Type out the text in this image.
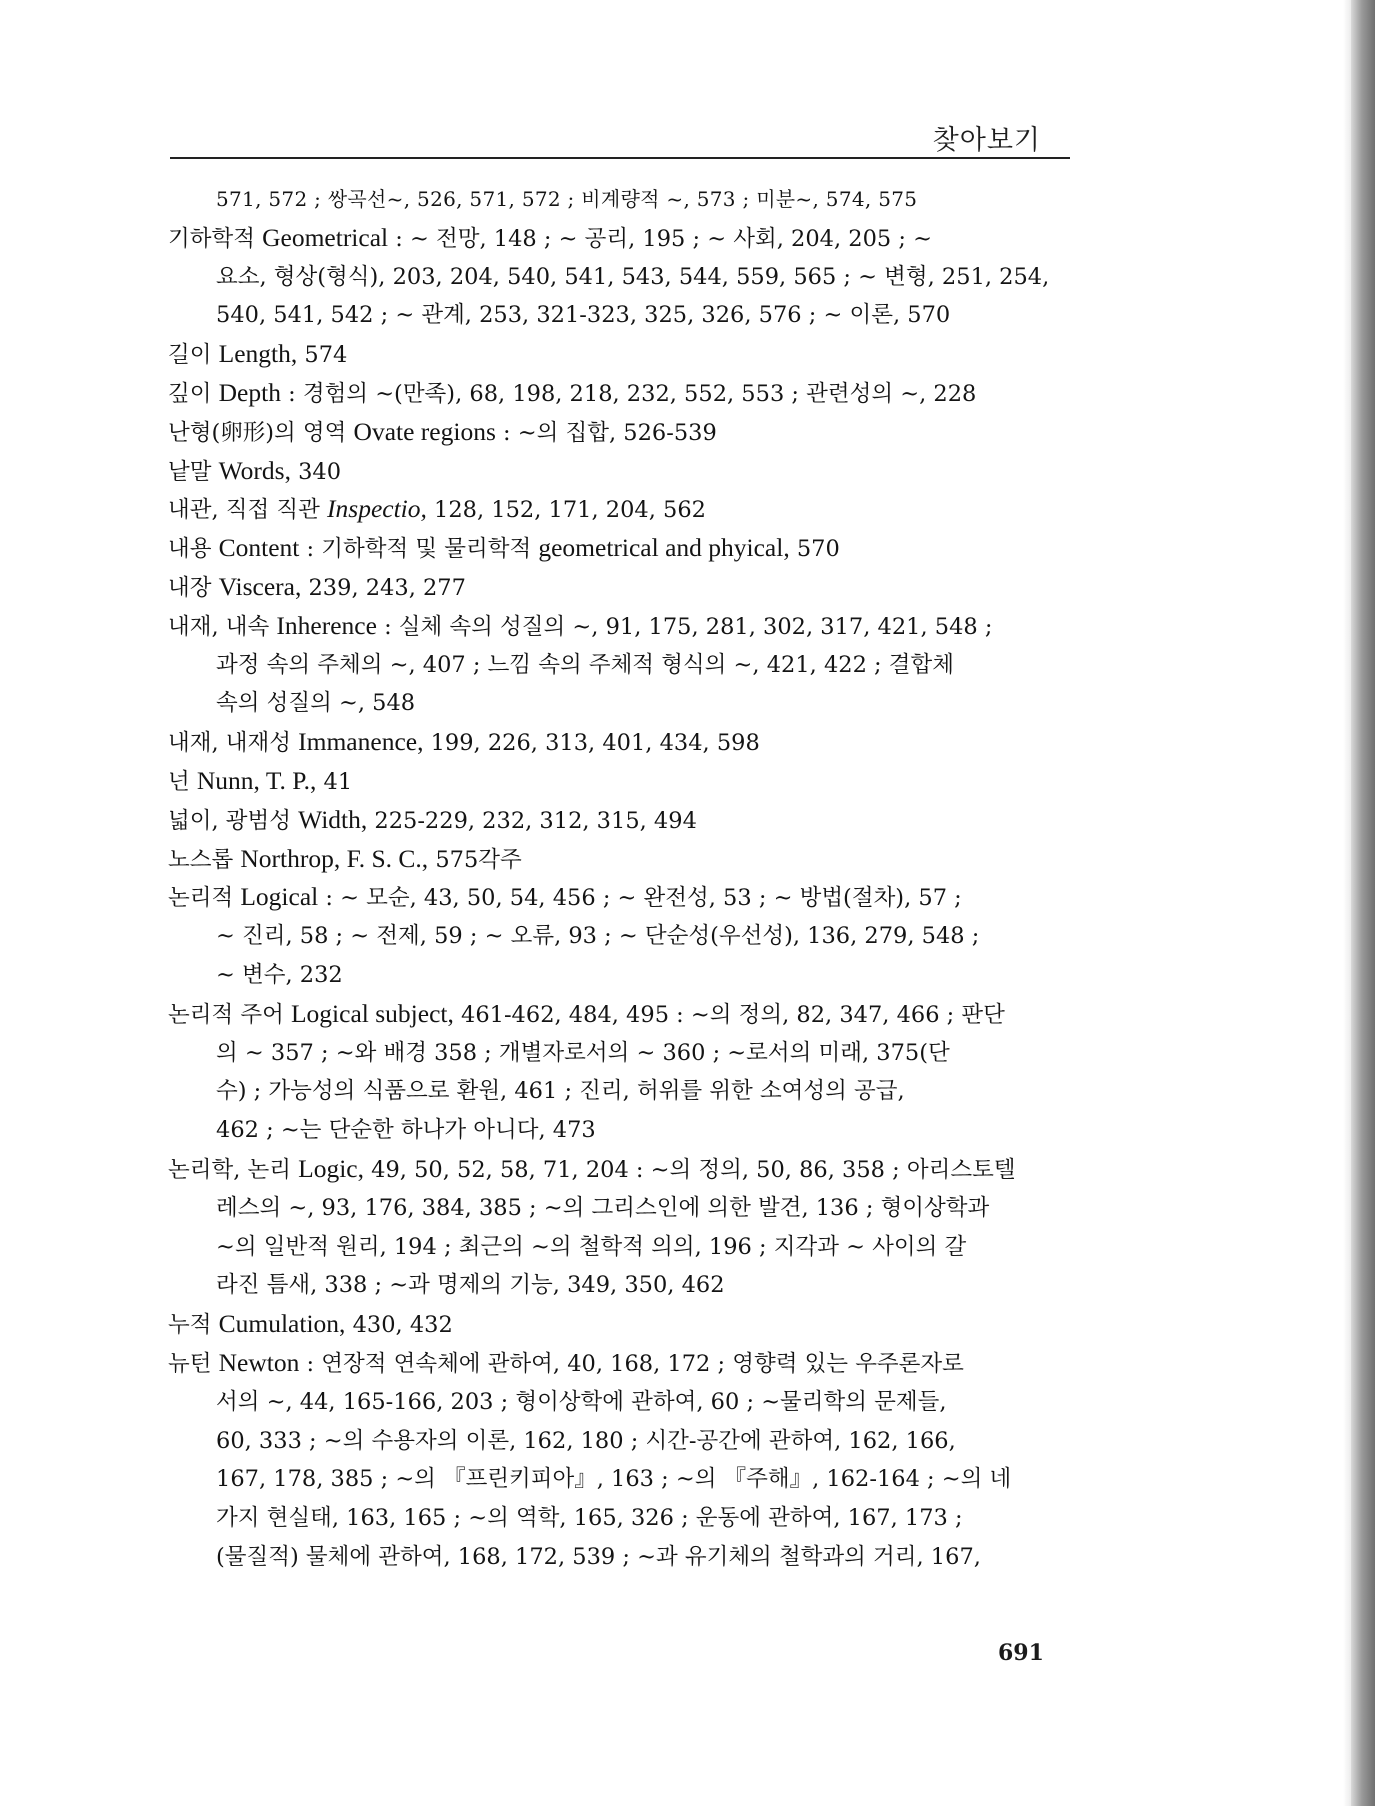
찾아보기
571, 572 ; 쌍곡선~, 526, 571, 572 ; 비계량적 ~, 573 ; 미분~, 574, 575
기하학적 Geometrical : ~ 전망, 148 ; ~ 공리, 195 ; ~ 사회, 204, 205 ; ~
요소, 형상(형식), 203, 204, 540, 541, 543, 544, 559, 565 ; ~ 변형, 251, 254,
540, 541, 542 ; ~ 관계, 253, 321-323, 325, 326, 576 ; ~ 이론, 570
길이 Length, 574
깊이 Depth : 경험의 ~(만족), 68, 198, 218, 232, 552, 553 ; 관련성의 ~, 228
난형(卵形)의 영역 Ovate regions : ~의 집합, 526-539
낱말 Words, 340
내관, 직접 직관 Inspectio, 128, 152, 171, 204, 562
내용 Content : 기하학적 및 물리학적 geometrical and phyical, 570
내장 Viscera, 239, 243, 277
내재, 내속 Inherence : 실체 속의 성질의 ~, 91, 175, 281, 302, 317, 421, 548 ;
과정 속의 주체의 ~, 407 ; 느낌 속의 주체적 형식의 ~, 421, 422 ; 결합체
속의 성질의 ~, 548
내재, 내재성 Immanence, 199, 226, 313, 401, 434, 598
넌 Nunn, T. P., 41
넓이, 광범성 Width, 225-229, 232, 312, 315, 494
노스롭 Northrop, F. S. C., 575각주
논리적 Logical : ~ 모순, 43, 50, 54, 456 ; ~ 완전성, 53 ; ~ 방법(절차), 57 ;
~ 진리, 58 ; ~ 전제, 59 ; ~ 오류, 93 ; ~ 단순성(우선성), 136, 279, 548 ;
~ 변수, 232
논리적 주어 Logical subject, 461-462, 484, 495 : ~의 정의, 82, 347, 466 ; 판단
의 ~ 357 ; ~와 배경 358 ; 개별자로서의 ~ 360 ; ~로서의 미래, 375(단
수) ; 가능성의 식품으로 환원, 461 ; 진리, 허위를 위한 소여성의 공급,
462 ; ~는 단순한 하나가 아니다, 473
논리학, 논리 Logic, 49, 50, 52, 58, 71, 204 : ~의 정의, 50, 86, 358 ; 아리스토텔
레스의 ~, 93, 176, 384, 385 ; ~의 그리스인에 의한 발견, 136 ; 형이상학과
~의 일반적 원리, 194 ; 최근의 ~의 철학적 의의, 196 ; 지각과 ~ 사이의 갈
라진 틈새, 338 ; ~과 명제의 기능, 349, 350, 462
누적 Cumulation, 430, 432
뉴턴 Newton : 연장적 연속체에 관하여, 40, 168, 172 ; 영향력 있는 우주론자로
서의 ~, 44, 165-166, 203 ; 형이상학에 관하여, 60 ; ~물리학의 문제들,
60, 333 ; ~의 수용자의 이론, 162, 180 ; 시간-공간에 관하여, 162, 166,
167, 178, 385 ; ~의 『프린키피아』, 163 ; ~의 『주해』, 162-164 ; ~의 네
가지 현실태, 163, 165 ; ~의 역학, 165, 326 ; 운동에 관하여, 167, 173 ;
(물질적) 물체에 관하여, 168, 172, 539 ; ~과 유기체의 철학과의 거리, 167,
691
